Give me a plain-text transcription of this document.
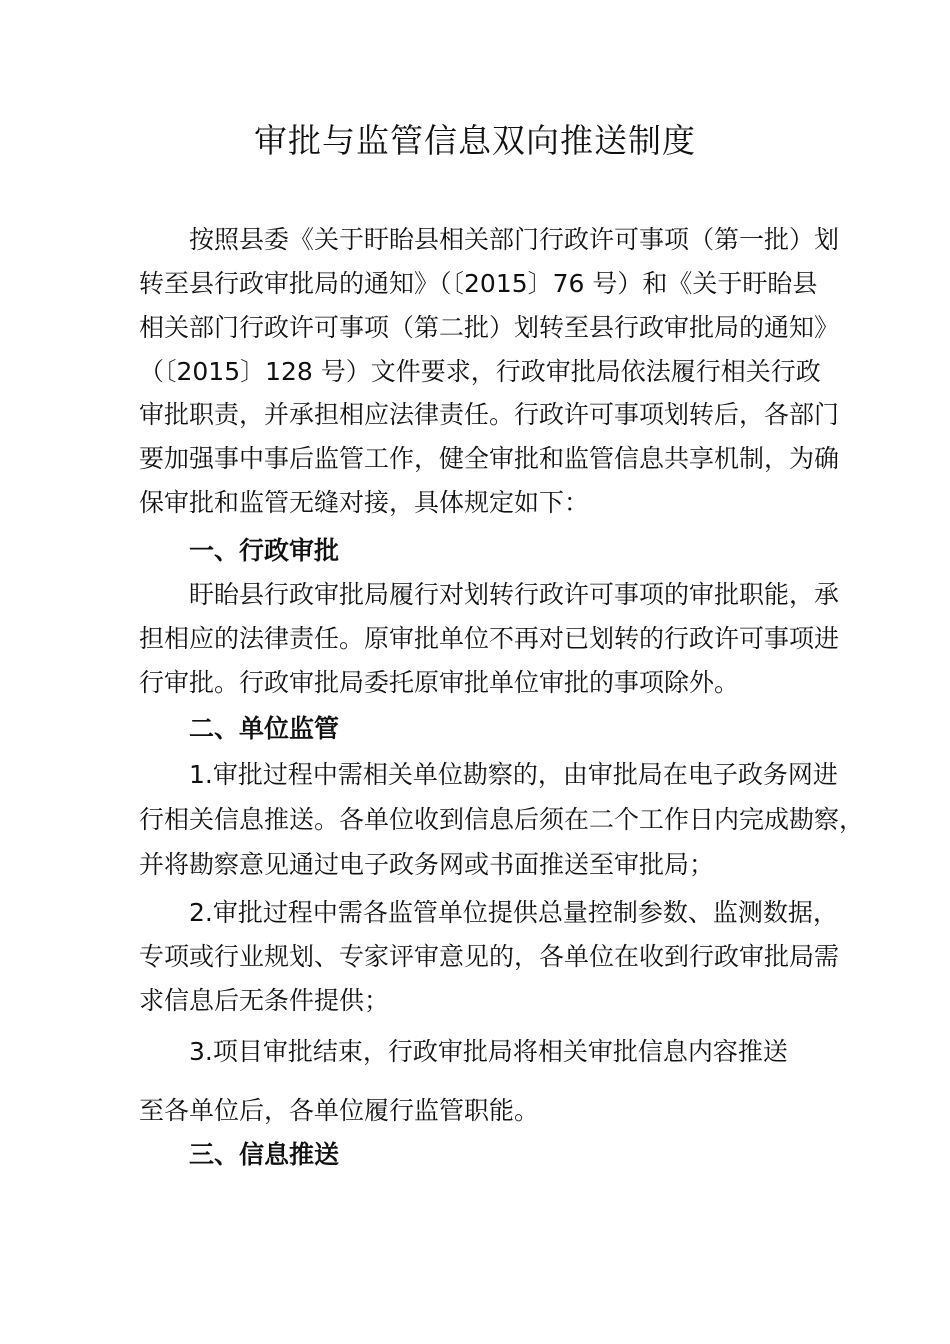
审批与监管信息双向推送制度
按照县委《关于盱眙县相关部门行政许可事项（第一批）划
转至县行政审批局的通知》（〔2015〕76 号）和《关于盱眙县
相关部门行政许可事项（第二批）划转至县行政审批局的通知》
（〔2015〕128 号）文件要求，行政审批局依法履行相关行政
审批职责，并承担相应法律责任。行政许可事项划转后，各部门
要加强事中事后监管工作，健全审批和监管信息共享机制，为确
保审批和监管无缝对接，具体规定如下：
一、行政审批
盱眙县行政审批局履行对划转行政许可事项的审批职能，承
担相应的法律责任。原审批单位不再对已划转的行政许可事项进
行审批。行政审批局委托原审批单位审批的事项除外。
二、单位监管
1.审批过程中需相关单位勘察的，由审批局在电子政务网进
行相关信息推送。各单位收到信息后须在二个工作日内完成勘察，
并将勘察意见通过电子政务网或书面推送至审批局；
2.审批过程中需各监管单位提供总量控制参数、监测数据，
专项或行业规划、专家评审意见的，各单位在收到行政审批局需
求信息后无条件提供；
3.项目审批结束，行政审批局将相关审批信息内容推送
至各单位后，各单位履行监管职能。
三、信息推送
